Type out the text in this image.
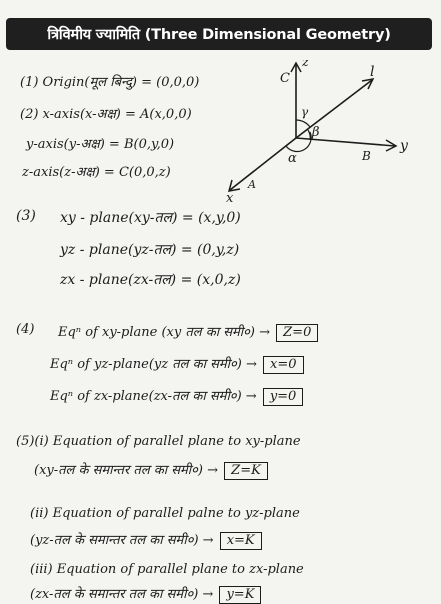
त्रिविमीय ज्यामिति (Three Dimensional Geometry)
(1) Origin(मूल बिन्दु) = (0,0,0)
(2) x-axis(x-अक्ष) = A(x,0,0)
y-axis(y-अक्ष) = B(0,y,0)
z-axis(z-अक्ष) = C(0,0,z)
z
C	l
γ
β
α	B
y
A
x
(3) xy - plane(xy-तल) = (x,y,0)
yz - plane(yz-तल) = (0,y,z)
zx - plane(zx-तल) = (x,0,z)
(4) Eqⁿ of xy-plane (xy तल का समी०) → Z=0
Eqⁿ of yz-plane(yz तल का समी०) → x=0
Eqⁿ of zx-plane(zx-तल का समी०) → y=0
(5)(i) Equation of parallel plane to xy-plane
(xy-तल के समान्तर तल का समी०) → Z=K
(ii) Equation of parallel palne to yz-plane
(yz-तल के समान्तर तल का समी०) → x=K
(iii) Equation of parallel plane to zx-plane
(zx-तल के समान्तर तल का समी०) → y=K
